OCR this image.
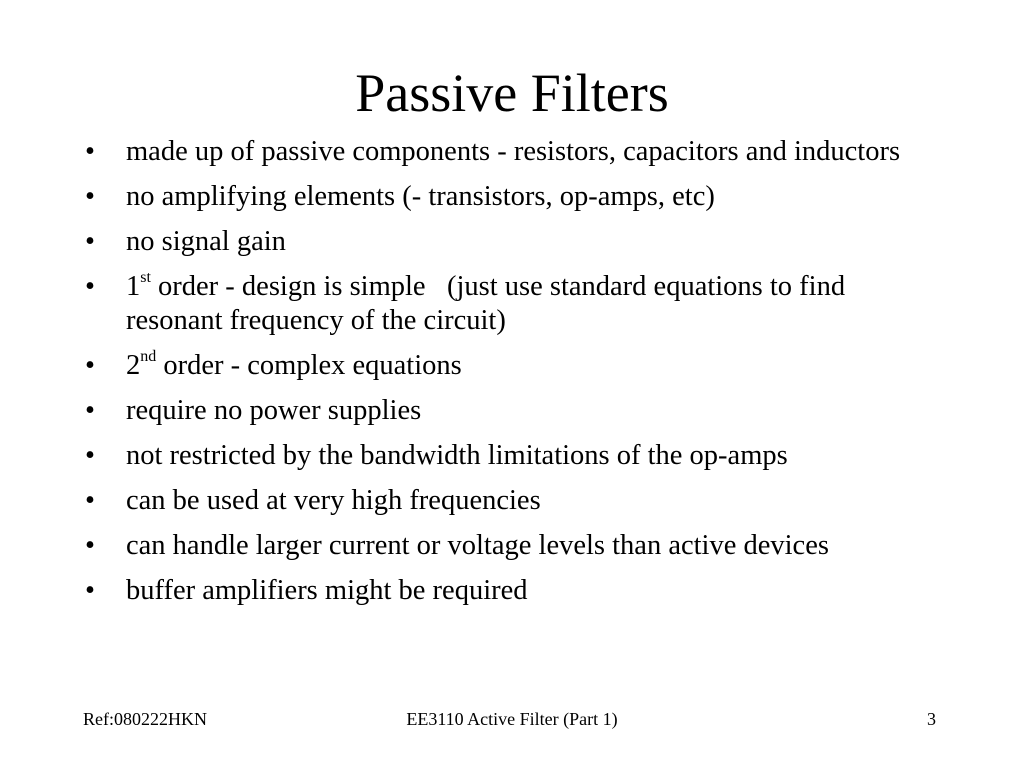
Passive Filters
•	made up of passive components - resistors, capacitors and inductors
•	no amplifying elements (- transistors, op-amps, etc)
•	no signal gain
•	1st order - design is simple   (just use standard equations to find resonant frequency of the circuit)
•	2nd order - complex equations
•	require no power supplies
•	not restricted by the bandwidth limitations of the op-amps
•	can be used at very high frequencies
•	can handle larger current or voltage levels than active devices
•	buffer amplifiers might be required
Ref:080222HKN	EE3110 Active Filter (Part 1)	3
